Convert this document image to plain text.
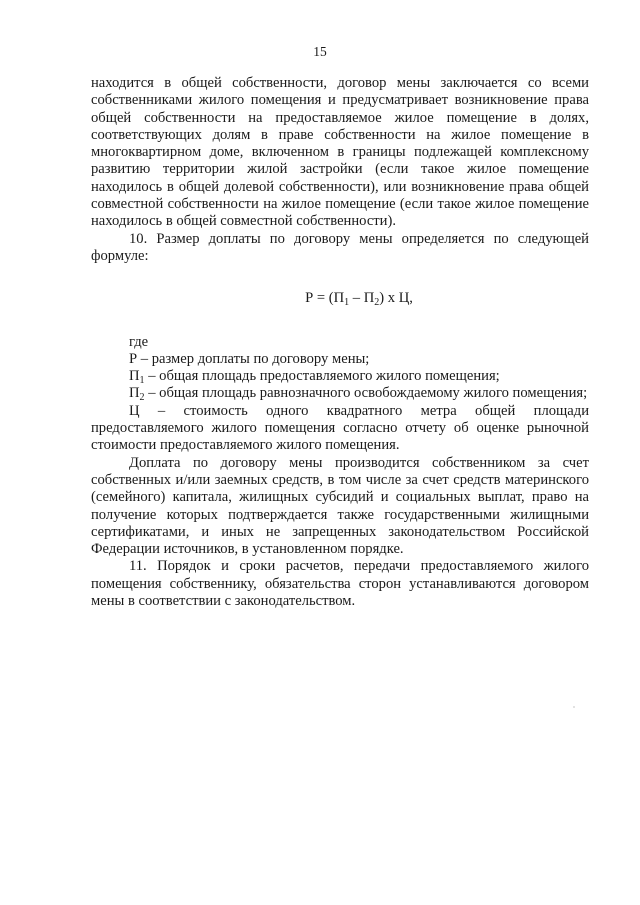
15

находится в общей собственности, договор мены заключается со всеми собственниками жилого помещения и предусматривает возникновение права общей собственности на предоставляемое жилое помещение в долях, соответствующих долям в праве собственности на жилое помещение в многоквартирном доме, включенном в границы подлежащей комплексному развитию территории жилой застройки (если такое жилое помещение находилось в общей долевой собственности), или возникновение права общей совместной собственности на жилое помещение (если такое жилое помещение находилось в общей совместной собственности).

10. Размер доплаты по договору мены определяется по следующей формуле:

$Р = (П_1 - П_2)$ х Ц,

где

Р – размер доплаты по договору мены;

$П_1$ – общая площадь предоставляемого жилого помещения;

$П_2$ – общая площадь равнозначного освобождаемому жилого помещения;

Ц – стоимость одного квадратного метра общей площади предоставляемого жилого помещения согласно отчету об оценке рыночной стоимости предоставляемого жилого помещения.

Доплата по договору мены производится собственником за счет собственных и/или заемных средств, в том числе за счет средств материнского (семейного) капитала, жилищных субсидий и социальных выплат, право на получение которых подтверждается также государственными жилищными сертификатами, и иных не запрещенных законодательством Российской Федерации источников, в установленном порядке.

11. Порядок и сроки расчетов, передачи предоставляемого жилого помещения собственнику, обязательства сторон устанавливаются договором мены в соответствии с законодательством.
